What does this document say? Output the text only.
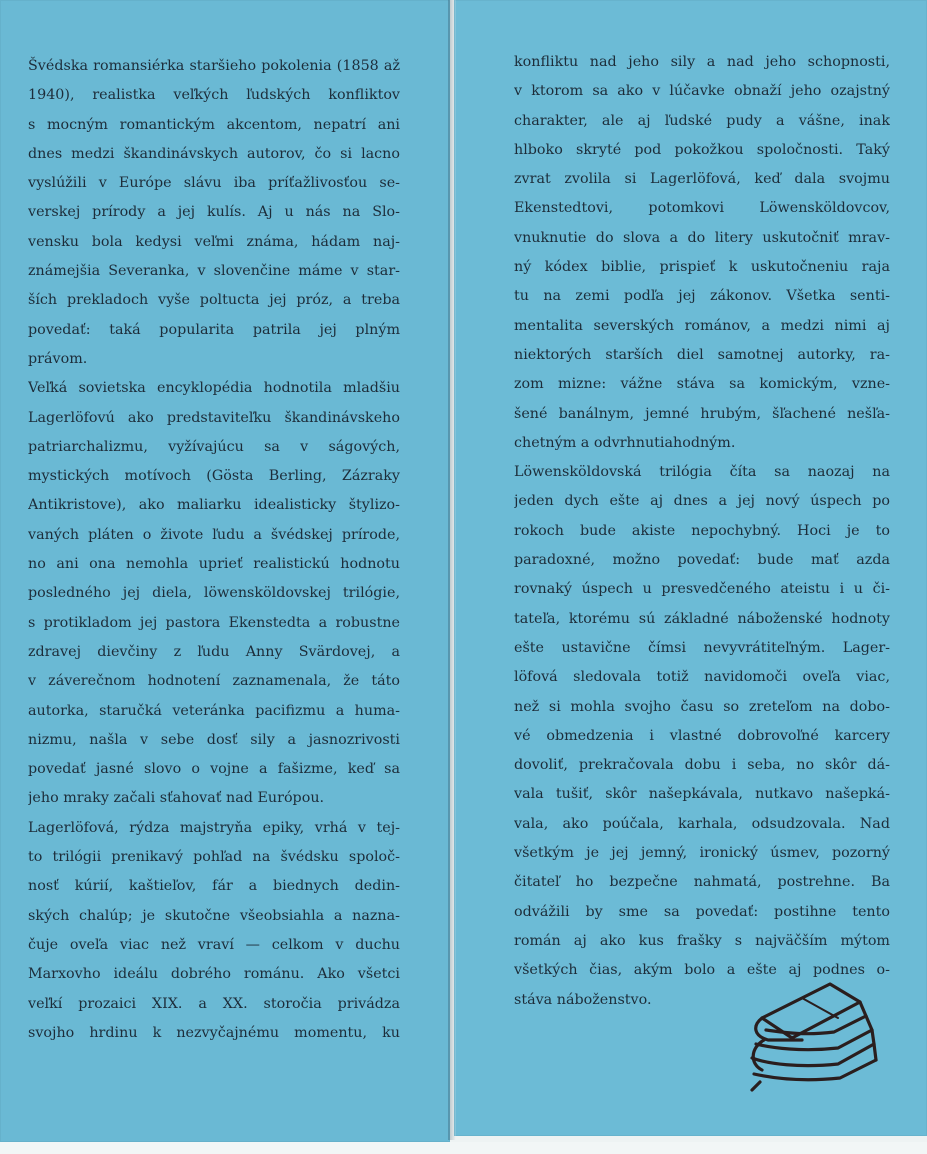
Švédska romansiérka staršieho pokolenia (1858 až
1940), realistka veľkých ľudských konfliktov
s mocným romantickým akcentom, nepatrí ani
dnes medzi škandinávskych autorov, čo si lacno
vyslúžili v Európe slávu iba príťažlivosťou se-
verskej prírody a jej kulís. Aj u nás na Slo-
vensku bola kedysi veľmi známa, hádam naj-
známejšia Severanka, v slovenčine máme v star-
ších prekladoch vyše poltucta jej próz, a treba
povedať: taká popularita patrila jej plným
právom.
Veľká sovietska encyklopédia hodnotila mladšiu
Lagerlöfovú ako predstaviteľku škandinávskeho
patriarchalizmu, vyžívajúcu sa v ságových,
mystických motívoch (Gösta Berling, Zázraky
Antikristove), ako maliarku idealisticky štylizo-
vaných pláten o živote ľudu a švédskej prírode,
no ani ona nemohla uprieť realistickú hodnotu
posledného jej diela, löwensköldovskej trilógie,
s protikladom jej pastora Ekenstedta a robustne
zdravej dievčiny z ľudu Anny Svärdovej, a
v záverečnom hodnotení zaznamenala, že táto
autorka, staručká veteránka pacifizmu a huma-
nizmu, našla v sebe dosť sily a jasnozrivosti
povedať jasné slovo o vojne a fašizme, keď sa
jeho mraky začali sťahovať nad Európou.
Lagerlöfová, rýdza majstryňa epiky, vrhá v tej-
to trilógii prenikavý pohľad na švédsku spoloč-
nosť kúrií, kaštieľov, fár a biednych dedin-
ských chalúp; je skutočne všeobsiahla a nazna-
čuje oveľa viac než vraví — celkom v duchu
Marxovho ideálu dobrého románu. Ako všetci
veľkí prozaici XIX. a XX. storočia privádza
svojho hrdinu k nezvyčajnému momentu, ku
konfliktu nad jeho sily a nad jeho schopnosti,
v ktorom sa ako v lúčavke obnaží jeho ozajstný
charakter, ale aj ľudské pudy a vášne, inak
hlboko skryté pod pokožkou spoločnosti. Taký
zvrat zvolila si Lagerlöfová, keď dala svojmu
Ekenstedtovi, potomkovi Löwensköldovcov,
vnuknutie do slova a do litery uskutočniť mrav-
ný kódex biblie, prispieť k uskutočneniu raja
tu na zemi podľa jej zákonov. Všetka senti-
mentalita severských románov, a medzi nimi aj
niektorých starších diel samotnej autorky, ra-
zom mizne: vážne stáva sa komickým, vzne-
šené banálnym, jemné hrubým, šľachené nešľa-
chetným a odvrhnutiahodným.
Löwensköldovská trilógia číta sa naozaj na
jeden dych ešte aj dnes a jej nový úspech po
rokoch bude akiste nepochybný. Hoci je to
paradoxné, možno povedať: bude mať azda
rovnaký úspech u presvedčeného ateistu i u či-
tateľa, ktorému sú základné náboženské hodnoty
ešte ustavične čímsi nevyvrátiteľným. Lager-
löfová sledovala totiž navidomoči oveľa viac,
než si mohla svojho času so zreteľom na dobo-
vé obmedzenia i vlastné dobrovoľné karcery
dovoliť, prekračovala dobu i seba, no skôr dá-
vala tušiť, skôr našepkávala, nutkavo našepká-
vala, ako poúčala, karhala, odsudzovala. Nad
všetkým je jej jemný, ironický úsmev, pozorný
čitateľ ho bezpečne nahmatá, postrehne. Ba
odvážili by sme sa povedať: postihne tento
román aj ako kus frašky s najväčším mýtom
všetkých čias, akým bolo a ešte aj podnes o-
stáva náboženstvo.
